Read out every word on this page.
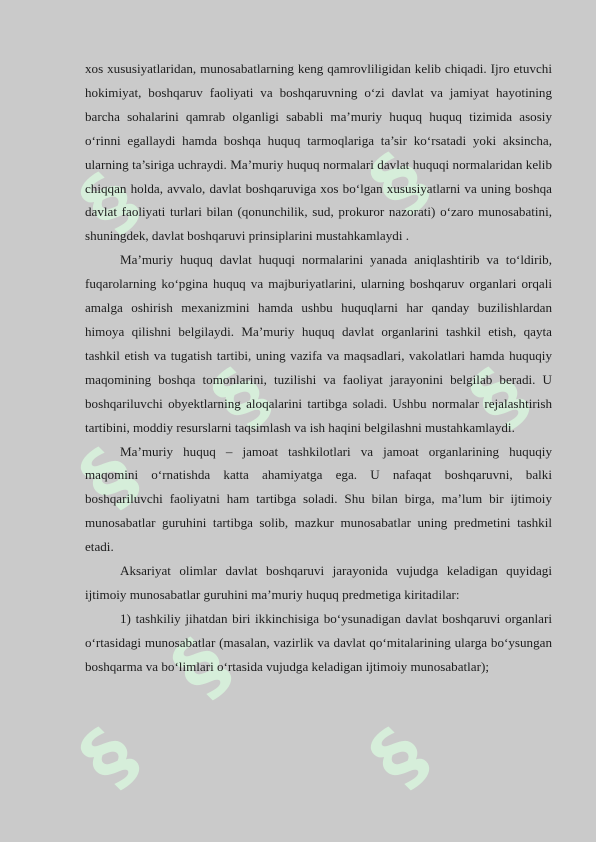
§	§
§
§
§
§	§
§

xos xususiyatlaridan, munosabatlarning keng qamrovliligidan kelib chiqadi. Ijro etuvchi hokimiyat, boshqaruv faoliyati va boshqaruvning o‘zi davlat va jamiyat hayotining barcha sohalarini qamrab olganligi sababli ma’muriy huquq huquq tizimida asosiy o‘rinni egallaydi hamda boshqa huquq tarmoqlariga ta’sir ko‘rsatadi yoki aksincha, ularning ta’siriga uchraydi. Ma’muriy huquq normalari davlat huquqi normalaridan kelib chiqqan holda, avvalo, davlat boshqaruviga xos bo‘lgan xususiyatlarni va uning boshqa davlat faoliyati turlari bilan (qonunchilik, sud, prokuror nazorati) o‘zaro munosabatini, shuningdek, davlat boshqaruvi prinsiplarini mustahkamlaydi .

Ma’muriy huquq davlat huquqi normalarini yanada aniqlashtirib va to‘ldirib, fuqarolarning ko‘pgina huquq va majburiyatlarini, ularning boshqaruv organlari orqali amalga oshirish mexanizmini hamda ushbu huquqlarni har qanday buzilishlardan himoya qilishni belgilaydi. Ma’muriy huquq davlat organlarini tashkil etish, qayta tashkil etish va tugatish tartibi, uning vazifa va maqsadlari, vakolatlari hamda huquqiy maqomining boshqa tomonlarini, tuzilishi va faoliyat jarayonini belgilab beradi. U boshqariluvchi obyektlarning aloqalarini tartibga soladi. Ushbu normalar rejalashtirish tartibini, moddiy resurslarni taqsimlash va ish haqini belgilashni mustahkamlaydi.

Ma’muriy huquq – jamoat tashkilotlari va jamoat organlarining huquqiy maqomini o‘rnatishda katta ahamiyatga ega. U nafaqat boshqaruvni, balki boshqariluvchi faoliyatni ham tartibga soladi. Shu bilan birga, ma’lum bir ijtimoiy munosabatlar guruhini tartibga solib, mazkur munosabatlar uning predmetini tashkil etadi.

Aksariyat olimlar davlat boshqaruvi jarayonida vujudga keladigan quyidagi ijtimoiy munosabatlar guruhini ma’muriy huquq predmetiga kiritadilar:

1) tashkiliy jihatdan biri ikkinchisiga bo‘ysunadigan davlat boshqaruvi organlari o‘rtasidagi munosabatlar (masalan, vazirlik va davlat qo‘mitalarining ularga bo‘ysungan boshqarma va bo‘limlari o‘rtasida vujudga keladigan ijtimoiy munosabatlar);
